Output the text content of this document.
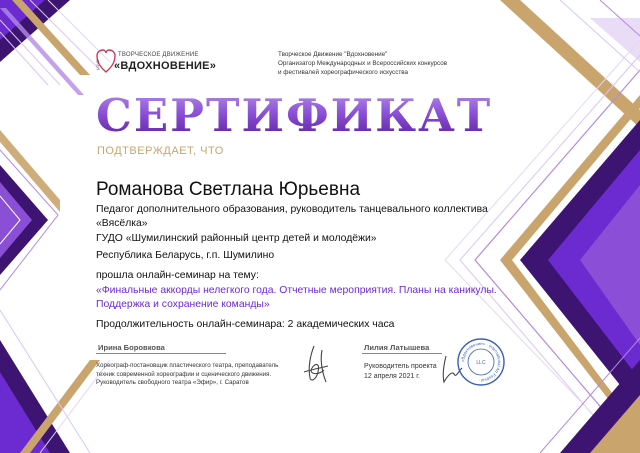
LOVE
ТВОРЧЕСКОЕ ДВИЖЕНИЕ
«ВДОХНОВЕНИЕ»
Творческое Движение "Вдохновение"
Организатор Международных и Всероссийских конкурсов
и фестивалей хореографического искусства
СЕРТИФИКАТ
ПОДТВЕРЖДАЕТ, ЧТО
Романова Светлана Юрьевна
Педагог дополнительного образования, руководитель танцевального коллектива
«Вясёлка»
ГУДО «Шумилинский районный центр детей и молодёжи»
Республика Беларусь, г.п. Шумилино
прошла онлайн-семинар на тему:
«Финальные аккорды нелегкого года. Отчетные мероприятия. Планы на каникулы.
Поддержка и сохранение команды»
Продолжительность онлайн-семинара: 2 академических часа
Ирина Боровкова
Хореограф-постановщик пластического театра, преподаватель
техник современной хореографии и сценического движения.
Руководитель свободного театра «Эфир», г. Саратов
Лилия Латышева
Руководитель проекта
12 апреля 2021 г.
«Вдохновение» · International Art Festival ·
LLC
